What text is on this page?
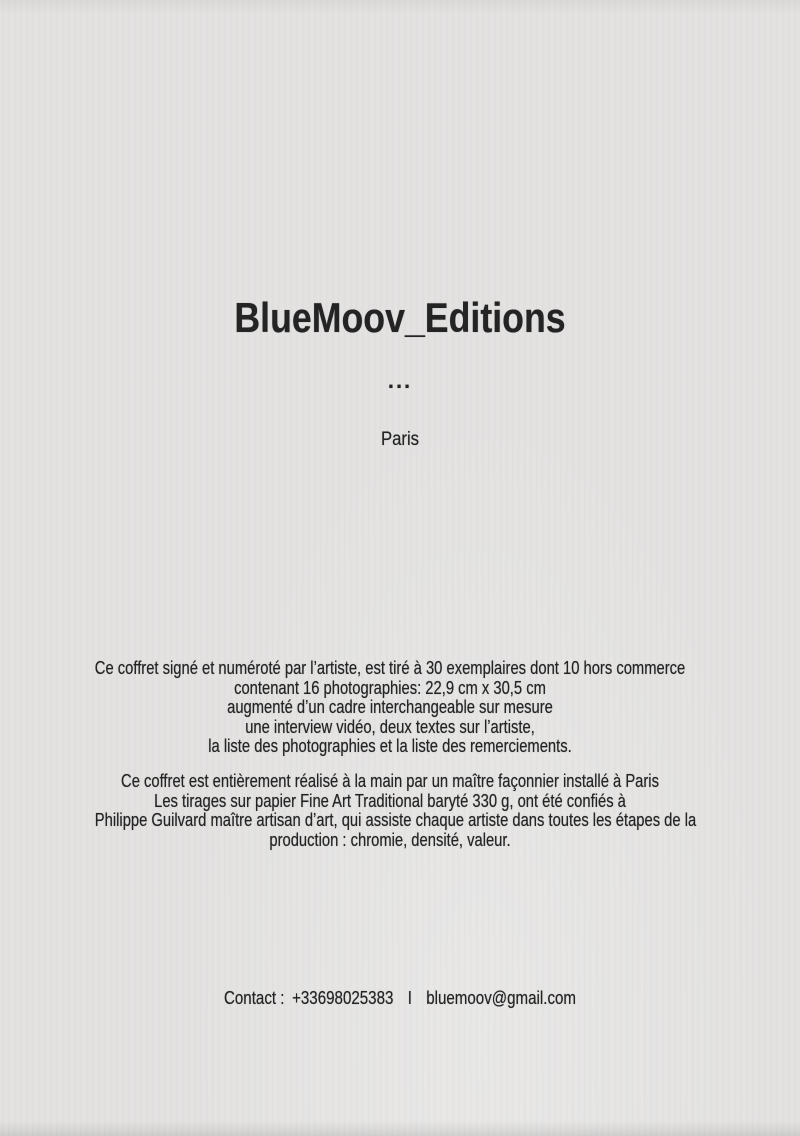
BlueMoov_Editions
...
Paris
Ce coffret signé et numéroté par l’artiste, est tiré à 30 exemplaires dont 10 hors commerce
contenant 16 photographies: 22,9 cm x 30,5 cm
augmenté d’un cadre interchangeable sur mesure
une interview vidéo, deux textes sur l’artiste,
la liste des photographies et la liste des remerciements.
Ce coffret est entièrement réalisé à la main par un maître façonnier installé à Paris
Les tirages sur papier Fine Art Traditional baryté 330 g, ont été confiés à
Philippe Guilvard maître artisan d’art, qui assiste chaque artiste dans toutes les étapes de la
production : chromie, densité, valeur.
Contact : +33698025383 I bluemoov@gmail.com
